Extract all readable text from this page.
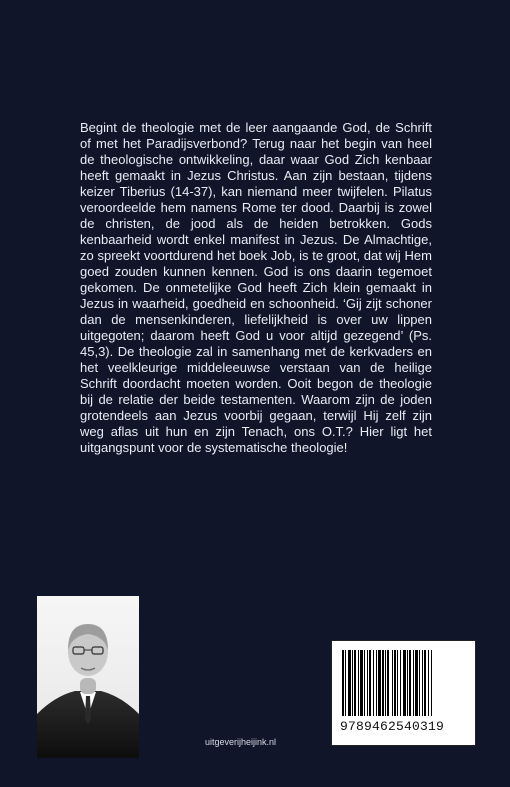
Begint de theologie met de leer aangaande God, de Schrift of met het Paradijsverbond? Terug naar het begin van heel de theologische ontwikkeling, daar waar God Zich kenbaar heeft gemaakt in Jezus Christus. Aan zijn bestaan, tijdens keizer Tiberius (14-37), kan niemand meer twijfelen. Pilatus veroordeelde hem namens Rome ter dood. Daarbij is zowel de christen, de jood als de heiden betrokken. Gods kenbaarheid wordt enkel manifest in Jezus. De Almachtige, zo spreekt voortdurend het boek Job, is te groot, dat wij Hem goed zouden kunnen kennen. God is ons daarin tegemoet gekomen. De onmetelijke God heeft Zich klein gemaakt in Jezus in waarheid, goedheid en schoonheid. ‘Gij zijt schoner dan de mensenkinderen, liefelijkheid is over uw lippen uitgegoten; daarom heeft God u voor altijd gezegend’ (Ps. 45,3). De theologie zal in samenhang met de kerkvaders en het veelkleurige middeleeuwse verstaan van de heilige Schrift doordacht moeten worden. Ooit begon de theologie bij de relatie der beide testamenten. Waarom zijn de joden grotendeels aan Jezus voorbij gegaan, terwijl Hij zelf zijn weg aflas uit hun en zijn Tenach, ons O.T.? Hier ligt het uitgangspunt voor de systematische theologie!

uitgeverijheijink.nl
9789462540319
